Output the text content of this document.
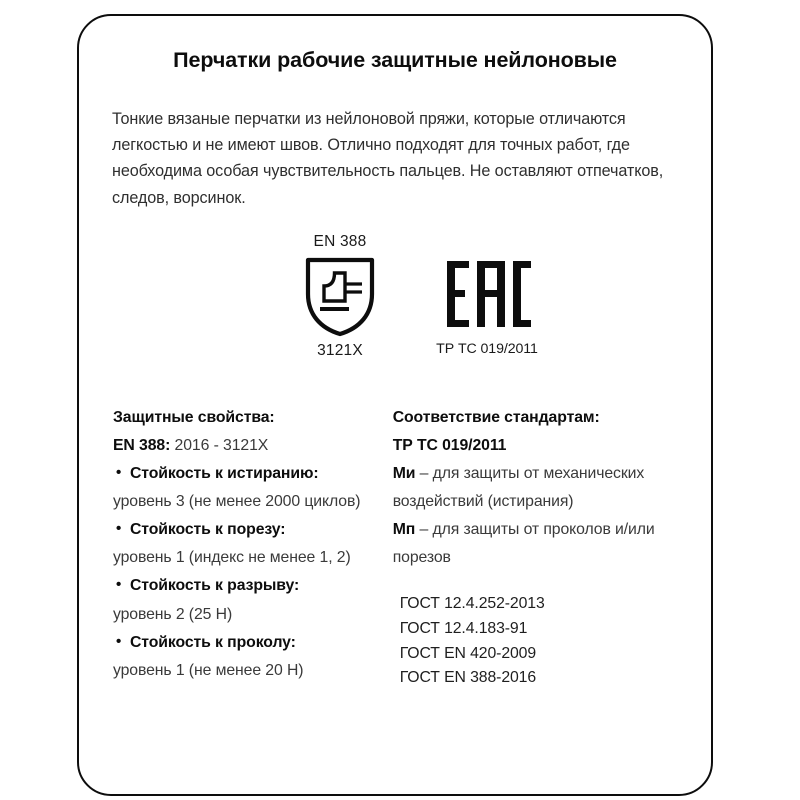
Перчатки рабочие защитные нейлоновые

Тонкие вязаные перчатки из нейлоновой пряжи, которые отличаются легкостью и не имеют швов. Отлично подходят для точных работ, где необходима особая чувствительность пальцев. Не оставляют отпечатков, следов, ворсинок.

EN 388
3121X	ТР ТС 019/2011
Защитные свойства:
EN 388: 2016 - 3121X
• Стойкость к истиранию:
уровень 3 (не менее 2000 циклов)
• Стойкость к порезу:
уровень 1 (индекс не менее 1, 2)
• Стойкость к разрыву:
уровень 2 (25 Н)
• Стойкость к проколу:
уровень 1 (не менее 20 Н)
Соответствие стандартам:
ТР ТС 019/2011
Ми – для защиты от механических воздействий (истирания)
Мп – для защиты от проколов и/или порезов
ГОСТ 12.4.252-2013
ГОСТ 12.4.183-91
ГОСТ EN 420-2009
ГОСТ EN 388-2016
